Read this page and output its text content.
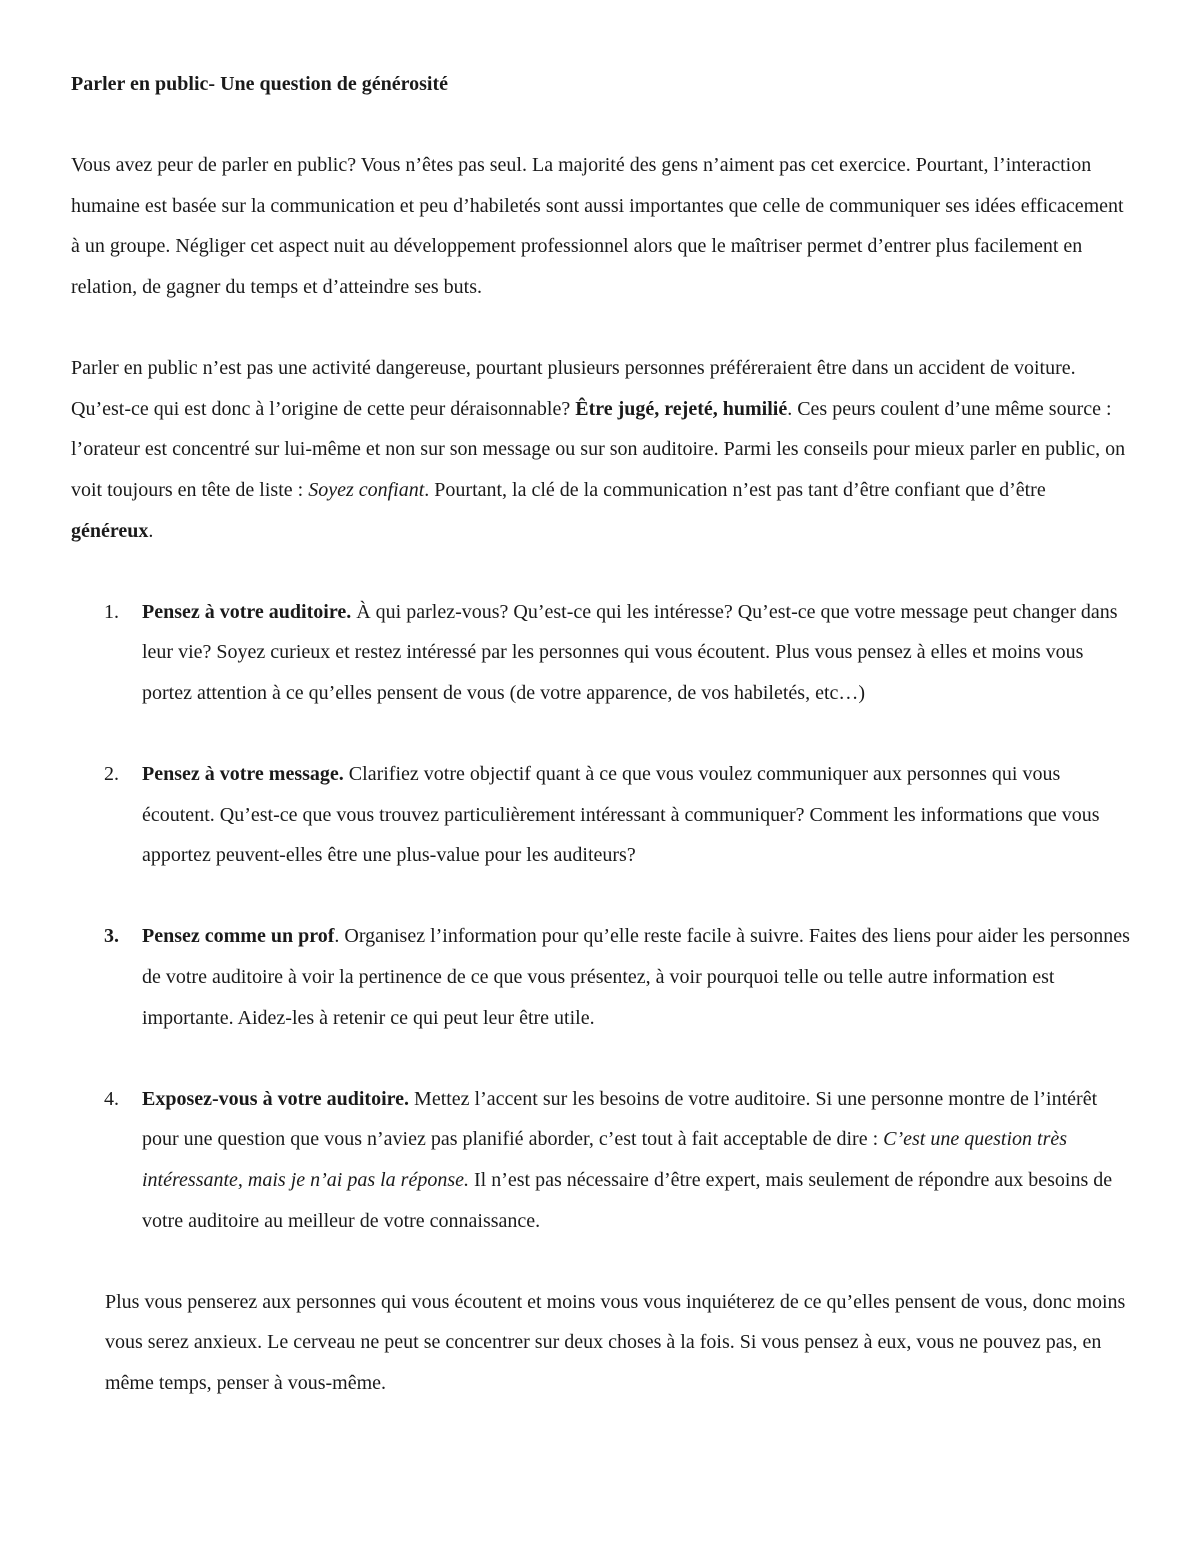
Parler en public- Une question de générosité

Vous avez peur de parler en public? Vous n’êtes pas seul. La majorité des gens n’aiment pas cet exercice. Pourtant, l’interaction humaine est basée sur la communication et peu d’habiletés sont aussi importantes que celle de communiquer ses idées efficacement à un groupe. Négliger cet aspect nuit au développement professionnel alors que le maîtriser permet d’entrer plus facilement en relation, de gagner du temps et d’atteindre ses buts.

Parler en public n’est pas une activité dangereuse, pourtant plusieurs personnes préféreraient être dans un accident de voiture. Qu’est-ce qui est donc à l’origine de cette peur déraisonnable? Être jugé, rejeté, humilié. Ces peurs coulent d’une même source : l’orateur est concentré sur lui-même et non sur son message ou sur son auditoire. Parmi les conseils pour mieux parler en public, on voit toujours en tête de liste : Soyez confiant. Pourtant, la clé de la communication n’est pas tant d’être confiant que d’être généreux.

1. Pensez à votre auditoire. À qui parlez-vous? Qu’est-ce qui les intéresse? Qu’est-ce que votre message peut changer dans leur vie? Soyez curieux et restez intéressé par les personnes qui vous écoutent. Plus vous pensez à elles et moins vous portez attention à ce qu’elles pensent de vous (de votre apparence, de vos habiletés, etc…)

2. Pensez à votre message. Clarifiez votre objectif quant à ce que vous voulez communiquer aux personnes qui vous écoutent. Qu’est-ce que vous trouvez particulièrement intéressant à communiquer? Comment les informations que vous apportez peuvent-elles être une plus-value pour les auditeurs?

3. Pensez comme un prof. Organisez l’information pour qu’elle reste facile à suivre. Faites des liens pour aider les personnes de votre auditoire à voir la pertinence de ce que vous présentez, à voir pourquoi telle ou telle autre information est importante. Aidez-les à retenir ce qui peut leur être utile.

4. Exposez-vous à votre auditoire. Mettez l’accent sur les besoins de votre auditoire. Si une personne montre de l’intérêt pour une question que vous n’aviez pas planifié aborder, c’est tout à fait acceptable de dire : C’est une question très intéressante, mais je n’ai pas la réponse. Il n’est pas nécessaire d’être expert, mais seulement de répondre aux besoins de votre auditoire au meilleur de votre connaissance.

Plus vous penserez aux personnes qui vous écoutent et moins vous vous inquiéterez de ce qu’elles pensent de vous, donc moins vous serez anxieux. Le cerveau ne peut se concentrer sur deux choses à la fois. Si vous pensez à eux, vous ne pouvez pas, en même temps, penser à vous-même.
